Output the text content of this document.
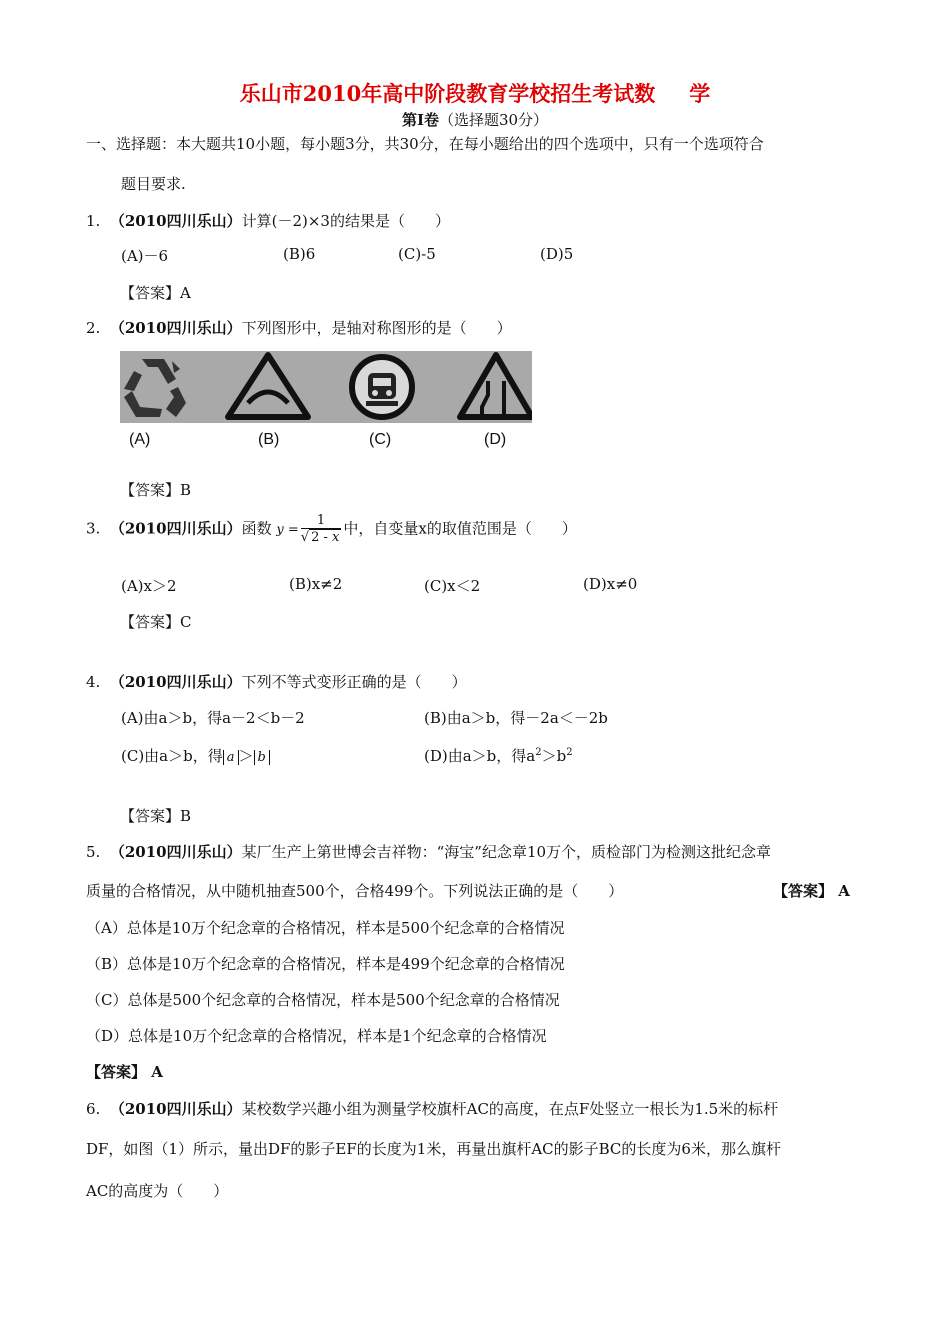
乐山市2010年高中阶段教育学校招生考试数 学
第Ⅰ卷（选择题30分）
一、选择题：本大题共10小题，每小题3分，共30分，在每小题给出的四个选项中，只有一个选项符合
题目要求.
1. （2010四川乐山）计算(－2)×3的结果是（　　）
(A)－6	(B)6	(C)-5	(D)5
【答案】A
2. （2010四川乐山）下列图形中，是轴对称图形的是（　　）
(A)	(B)	(C)	(D)
【答案】B
3. （2010四川乐山）函数 $y = \frac{1}{√ 2 - x}$ 中，自变量x的取值范围是（　　）
(A)x＞2	(B)x≠2	(C)x＜2	(D)x≠0
【答案】C
4. （2010四川乐山）下列不等式变形正确的是（　　）
(A)由a＞b，得a－2＜b－2	(B)由a＞b，得－2a＜－2b
(C)由a＞b，得 a ＞ b	(D)由a＞b，得$a^2>b^2$
【答案】B
5. （2010四川乐山）某厂生产上第世博会吉祥物：“海宝”纪念章10万个，质检部门为检测这批纪念章
质量的合格情况，从中随机抽查500个，合格499个。下列说法正确的是（　　）	【答案】 A
（A）总体是10万个纪念章的合格情况，样本是500个纪念章的合格情况
（B）总体是10万个纪念章的合格情况，样本是499个纪念章的合格情况
（C）总体是500个纪念章的合格情况，样本是500个纪念章的合格情况
（D）总体是10万个纪念章的合格情况，样本是1个纪念章的合格情况
【答案】 A
6. （2010四川乐山）某校数学兴趣小组为测量学校旗杆AC的高度，在点F处竖立一根长为1.5米的标杆
DF，如图（1）所示，量出DF的影子EF的长度为1米，再量出旗杆AC的影子BC的长度为6米，那么旗杆
AC的高度为（　　）
